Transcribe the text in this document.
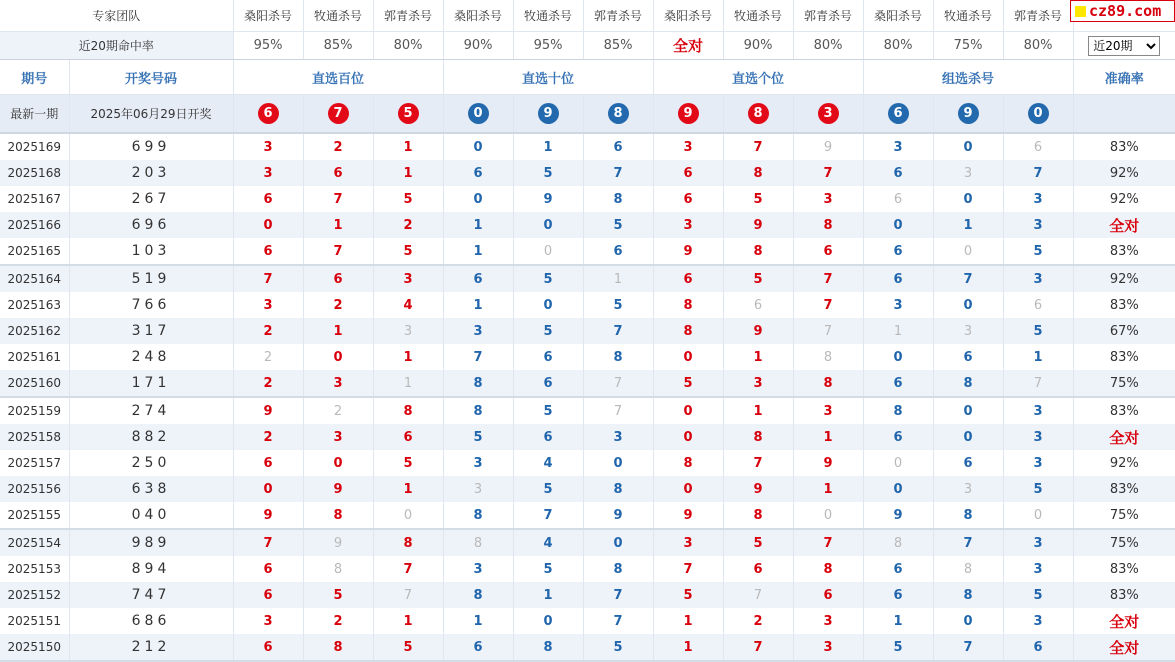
cz89.com
专家团队		桑阳杀号	牧通杀号	郭青杀号	桑阳杀号	牧通杀号	郭青杀号	桑阳杀号	牧通杀号	郭青杀号	桑阳杀号	牧通杀号	郭青杀号	
近20期命中率		95%	85%	80%	90%	95%	85%	全对	90%	80%	80%	75%	80%	
近20期
期号	开奖号码	直选百位			直选十位			直选个位			组选杀号			准确率
最新一期	2025年06月29日开奖	6	7	5	0	9	8	9	8	3	6	9	0	
2025169	699	3	2	1	0	1	6	3	7	9	3	0	6	83%
2025168	203	3	6	1	6	5	7	6	8	7	6	3	7	92%
2025167	267	6	7	5	0	9	8	6	5	3	6	0	3	92%
2025166	696	0	1	2	1	0	5	3	9	8	0	1	3	全对
2025165	103	6	7	5	1	0	6	9	8	6	6	0	5	83%
2025164	519	7	6	3	6	5	1	6	5	7	6	7	3	92%
2025163	766	3	2	4	1	0	5	8	6	7	3	0	6	83%
2025162	317	2	1	3	3	5	7	8	9	7	1	3	5	67%
2025161	248	2	0	1	7	6	8	0	1	8	0	6	1	83%
2025160	171	2	3	1	8	6	7	5	3	8	6	8	7	75%
2025159	274	9	2	8	8	5	7	0	1	3	8	0	3	83%
2025158	882	2	3	6	5	6	3	0	8	1	6	0	3	全对
2025157	250	6	0	5	3	4	0	8	7	9	0	6	3	92%
2025156	638	0	9	1	3	5	8	0	9	1	0	3	5	83%
2025155	040	9	8	0	8	7	9	9	8	0	9	8	0	75%
2025154	989	7	9	8	8	4	0	3	5	7	8	7	3	75%
2025153	894	6	8	7	3	5	8	7	6	8	6	8	3	83%
2025152	747	6	5	7	8	1	7	5	7	6	6	8	5	83%
2025151	686	3	2	1	1	0	7	1	2	3	1	0	3	全对
2025150	212	6	8	5	6	8	5	1	7	3	5	7	6	全对
